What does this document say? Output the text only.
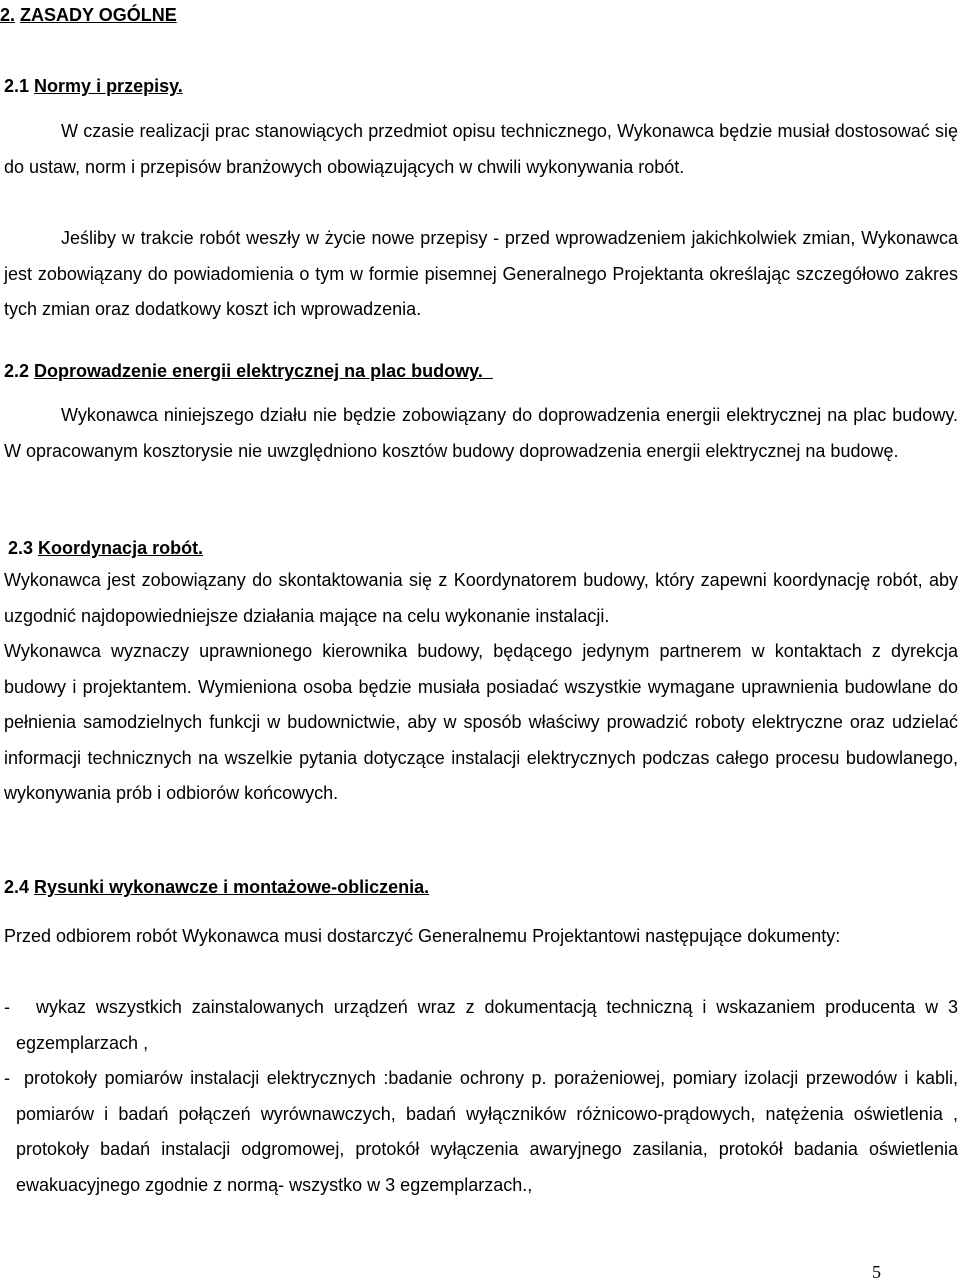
2. ZASADY OGÓLNE
2.1 Normy i przepisy.
W czasie realizacji prac stanowiących przedmiot opisu technicznego, Wykonawca będzie musiał dostosować się do ustaw, norm i przepisów branżowych obowiązujących w chwili wykonywania robót.
Jeśliby w trakcie robót weszły w życie nowe przepisy - przed wprowadzeniem jakichkolwiek zmian, Wykonawca jest zobowiązany do powiadomienia o tym w formie pisemnej Generalnego Projektanta określając szczegółowo zakres tych zmian oraz dodatkowy koszt ich wprowadzenia.
2.2 Doprowadzenie energii elektrycznej na plac budowy.
Wykonawca niniejszego działu nie będzie zobowiązany do doprowadzenia energii elektrycznej na plac budowy. W opracowanym kosztorysie nie uwzględniono kosztów budowy doprowadzenia energii elektrycznej na budowę.
2.3 Koordynacja robót.
Wykonawca jest zobowiązany do skontaktowania się z Koordynatorem budowy, który zapewni koordynację robót, aby uzgodnić najdopowiedniejsze działania mające na celu wykonanie instalacji.
Wykonawca wyznaczy uprawnionego kierownika budowy, będącego jedynym partnerem w kontaktach z dyrekcja budowy i projektantem. Wymieniona osoba będzie musiała posiadać wszystkie wymagane uprawnienia budowlane do pełnienia samodzielnych funkcji w budownictwie, aby w sposób właściwy prowadzić roboty elektryczne oraz udzielać informacji technicznych na wszelkie pytania dotyczące instalacji elektrycznych podczas całego procesu budowlanego, wykonywania prób i odbiorów końcowych.
2.4 Rysunki wykonawcze i montażowe-obliczenia.
Przed odbiorem robót Wykonawca musi dostarczyć Generalnemu Projektantowi następujące dokumenty:
-	wykaz wszystkich zainstalowanych urządzeń wraz z dokumentacją techniczną i wskazaniem producenta w 3 egzemplarzach ,

- protokoły pomiarów instalacji elektrycznych :badanie ochrony p. porażeniowej, pomiary izolacji przewodów i kabli, pomiarów i badań połączeń wyrównawczych, badań wyłączników różnicowo-prądowych, natężenia oświetlenia , protokoły badań instalacji odgromowej, protokół wyłączenia awaryjnego zasilania, protokół badania oświetlenia ewakuacyjnego zgodnie z normą- wszystko w 3 egzemplarzach.,

5
